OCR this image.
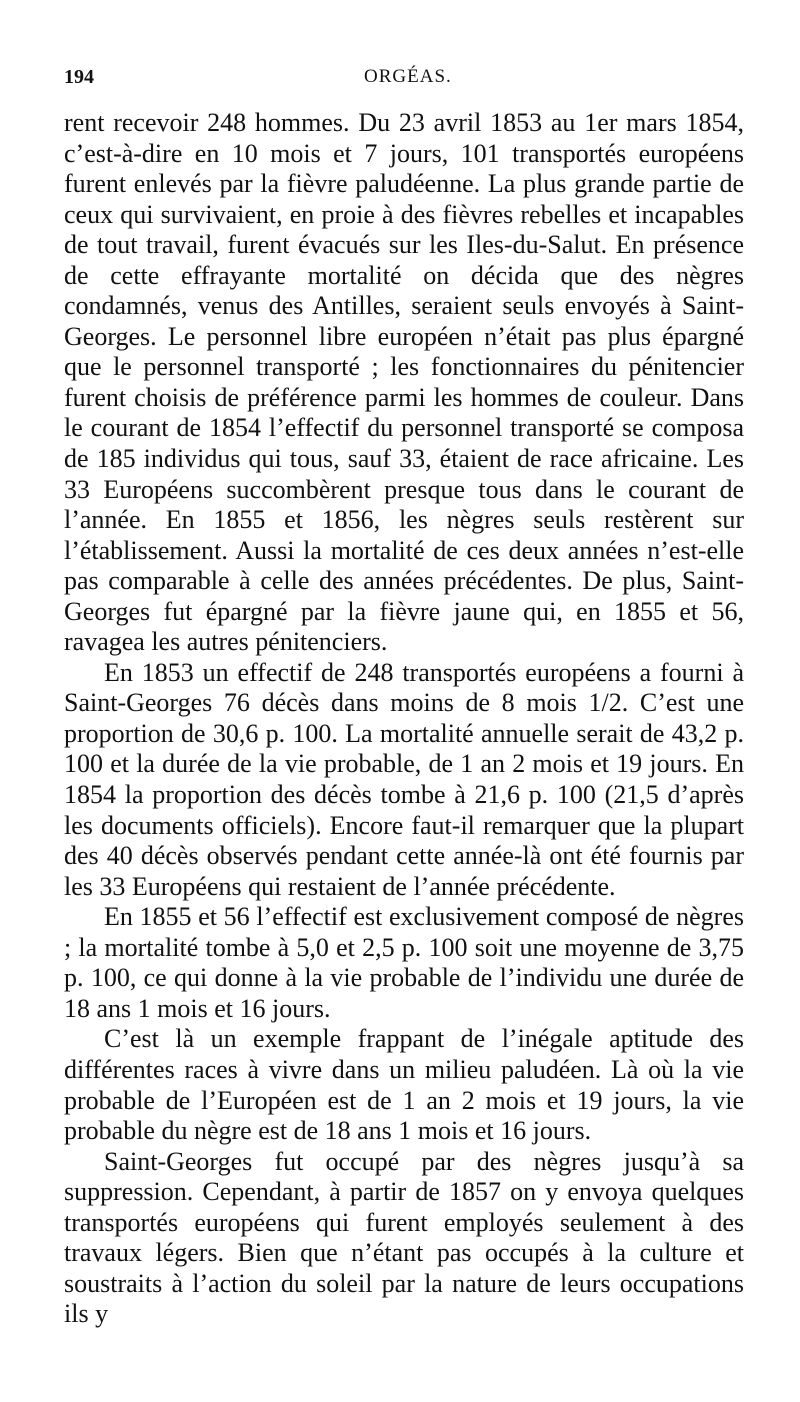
194	ORGÉAS.

rent recevoir 248 hommes. Du 23 avril 1853 au 1er mars 1854, c’est-à-dire en 10 mois et 7 jours, 101 transportés européens furent enlevés par la fièvre paludéenne. La plus grande partie de ceux qui survivaient, en proie à des fièvres rebelles et incapables de tout travail, furent évacués sur les Iles-du-Salut. En présence de cette effrayante mortalité on décida que des nègres condamnés, venus des Antilles, seraient seuls envoyés à Saint-Georges. Le personnel libre européen n’était pas plus épargné que le personnel transporté ; les fonctionnaires du pénitencier furent choisis de préférence parmi les hommes de couleur. Dans le courant de 1854 l’effectif du personnel transporté se composa de 185 individus qui tous, sauf 33, étaient de race africaine. Les 33 Européens succombèrent presque tous dans le courant de l’année. En 1855 et 1856, les nègres seuls restèrent sur l’établissement. Aussi la mortalité de ces deux années n’est-elle pas comparable à celle des années précédentes. De plus, Saint-Georges fut épargné par la fièvre jaune qui, en 1855 et 56, ravagea les autres pénitenciers.

En 1853 un effectif de 248 transportés européens a fourni à Saint-Georges 76 décès dans moins de 8 mois 1/2. C’est une proportion de 30,6 p. 100. La mortalité annuelle serait de 43,2 p. 100 et la durée de la vie probable, de 1 an 2 mois et 19 jours. En 1854 la proportion des décès tombe à 21,6 p. 100 (21,5 d’après les documents officiels). Encore faut-il remarquer que la plupart des 40 décès observés pendant cette année-là ont été fournis par les 33 Européens qui restaient de l’année précédente.

En 1855 et 56 l’effectif est exclusivement composé de nègres ; la mortalité tombe à 5,0 et 2,5 p. 100 soit une moyenne de 3,75 p. 100, ce qui donne à la vie probable de l’individu une durée de 18 ans 1 mois et 16 jours.

C’est là un exemple frappant de l’inégale aptitude des différentes races à vivre dans un milieu paludéen. Là où la vie probable de l’Européen est de 1 an 2 mois et 19 jours, la vie probable du nègre est de 18 ans 1 mois et 16 jours.

Saint-Georges fut occupé par des nègres jusqu’à sa suppression. Cependant, à partir de 1857 on y envoya quelques transportés européens qui furent employés seulement à des travaux légers. Bien que n’étant pas occupés à la culture et soustraits à l’action du soleil par la nature de leurs occupations ils y
